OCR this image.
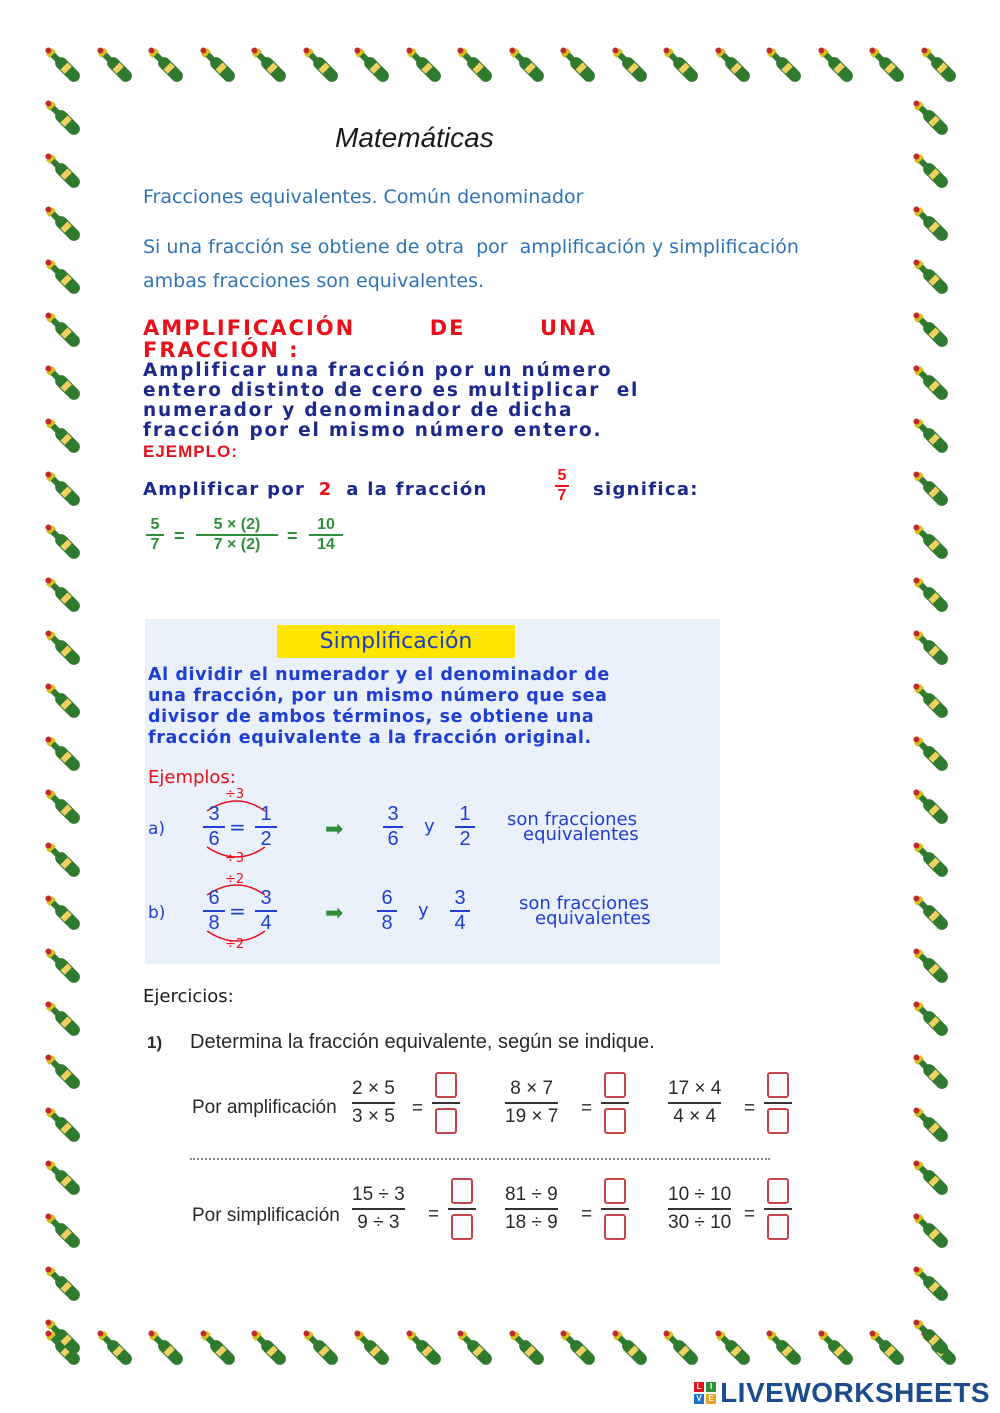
Matemáticas
Fracciones equivalentes. Común denominador
Si una fracción se obtiene de otra  por  amplificación y simplificación
ambas fracciones son equivalentes.
AMPLIFICACIÓN        DE        UNA
FRACCIÓN :
Amplificar una fracción por un número
entero distinto de cero es multiplicar  el
numerador y denominador de dicha
fracción por el mismo número entero.
EJEMPLO:
Amplificar por 2 a la fracción
5
7 significa:
5
7 =
5 × (2)
7 × (2) =
10
14
Simplificación
Al dividir el numerador y el denominador de
una fracción, por un mismo número que sea
divisor de ambos términos, se obtiene una
fracción equivalente a la fracción original.
Ejemplos:
a)
÷3
3
6 =
1
2
÷3
➡
3
6
y
1
2
son fracciones
equivalentes
b)
÷2
6
8 =
3
4
÷2
➡
6
8
y
3
4
son fracciones
equivalentes
Ejercicios:
1) Determina la fracción equivalente, según se indique.
Por amplificación
Por simplificación
2 × 5
3 × 5 =
8 × 7
19 × 7 =
17 × 4
4 × 4 =
15 ÷ 3
9 ÷ 3 =
81 ÷ 9
18 ÷ 9 =
10 ÷ 10
30 ÷ 10 =
L	I
V E LIVEWORKSHEETS
